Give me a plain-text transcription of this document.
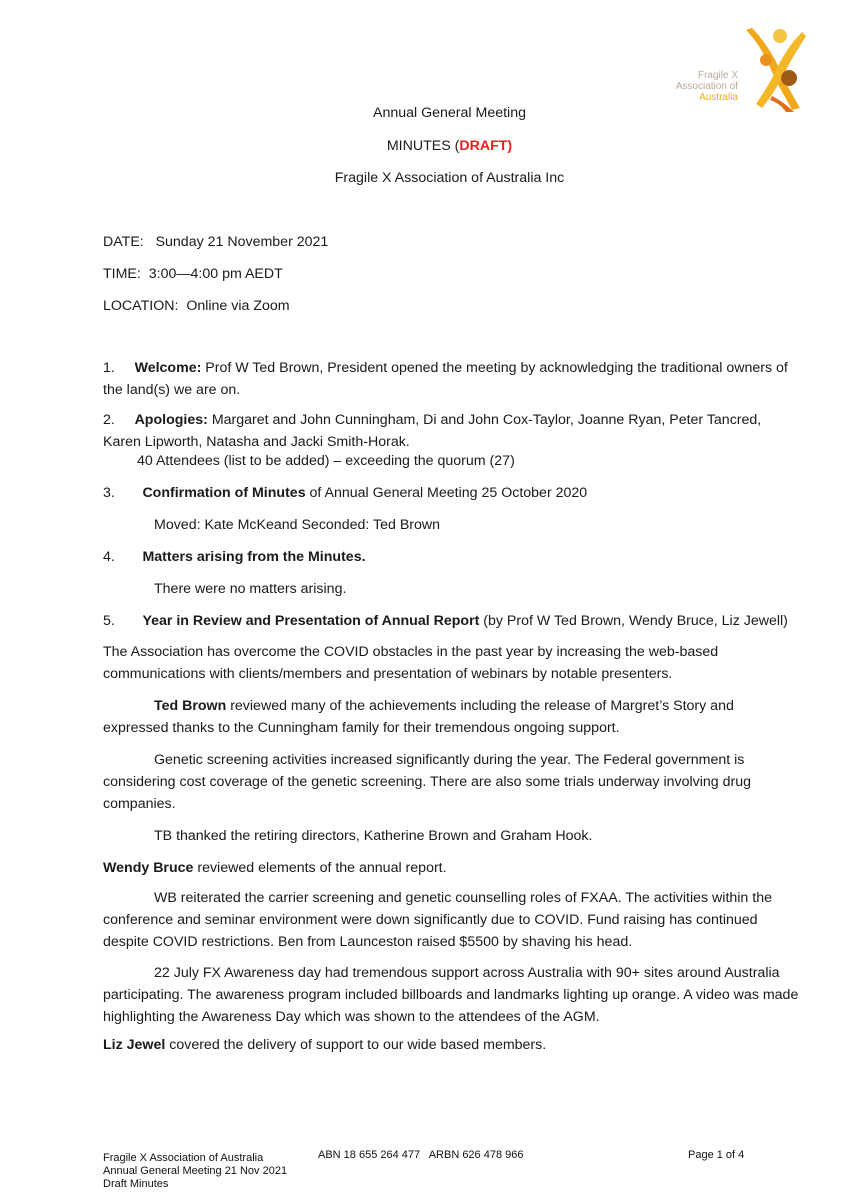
Fragile X
Association of
Australia
Annual General Meeting
MINUTES (DRAFT)
Fragile X Association of Australia Inc
DATE: Sunday 21 November 2021
TIME: 3:00—4:00 pm AEDT
LOCATION: Online via Zoom
1. Welcome: Prof W Ted Brown, President opened the meeting by acknowledging the traditional owners of the land(s) we are on.
2. Apologies: Margaret and John Cunningham, Di and John Cox-Taylor, Joanne Ryan, Peter Tancred, Karen Lipworth, Natasha and Jacki Smith-Horak.
40 Attendees (list to be added) – exceeding the quorum (27)
3. Confirmation of Minutes of Annual General Meeting 25 October 2020
Moved: Kate McKeand Seconded: Ted Brown
4. Matters arising from the Minutes.
There were no matters arising.
5. Year in Review and Presentation of Annual Report (by Prof W Ted Brown, Wendy Bruce, Liz Jewell)
The Association has overcome the COVID obstacles in the past year by increasing the web-based communications with clients/members and presentation of webinars by notable presenters.
Ted Brown reviewed many of the achievements including the release of Margret’s Story and expressed thanks to the Cunningham family for their tremendous ongoing support.
Genetic screening activities increased significantly during the year. The Federal government is considering cost coverage of the genetic screening. There are also some trials underway involving drug companies.
TB thanked the retiring directors, Katherine Brown and Graham Hook.
Wendy Bruce reviewed elements of the annual report.
WB reiterated the carrier screening and genetic counselling roles of FXAA. The activities within the conference and seminar environment were down significantly due to COVID. Fund raising has continued despite COVID restrictions. Ben from Launceston raised $5500 by shaving his head.
22 July FX Awareness day had tremendous support across Australia with 90+ sites around Australia participating. The awareness program included billboards and landmarks lighting up orange. A video was made highlighting the Awareness Day which was shown to the attendees of the AGM.
Liz Jewel covered the delivery of support to our wide based members.
Fragile X Association of Australia
Annual General Meeting 21 Nov 2021
Draft Minutes
ABN 18 655 264 477   ARBN 626 478 966	Page 1 of 4
